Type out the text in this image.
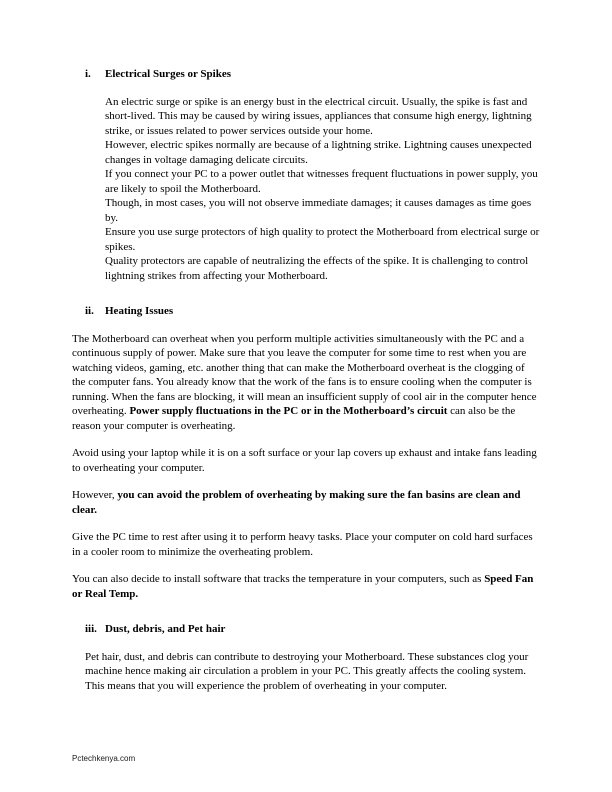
i.	Electrical Surges or Spikes

An electric surge or spike is an energy bust in the electrical circuit. Usually, the spike is fast and short-lived. This may be caused by wiring issues, appliances that consume high energy, lightning strike, or issues related to power services outside your home.

However, electric spikes normally are because of a lightning strike. Lightning causes unexpected changes in voltage damaging delicate circuits.

If you connect your PC to a power outlet that witnesses frequent fluctuations in power supply, you are likely to spoil the Motherboard.

Though, in most cases, you will not observe immediate damages; it causes damages as time goes by.

Ensure you use surge protectors of high quality to protect the Motherboard from electrical surge or spikes.

Quality protectors are capable of neutralizing the effects of the spike. It is challenging to control lightning strikes from affecting your Motherboard.

ii.	Heating Issues

The Motherboard can overheat when you perform multiple activities simultaneously with the PC and a continuous supply of power. Make sure that you leave the computer for some time to rest when you are watching videos, gaming, etc. another thing that can make the Motherboard overheat is the clogging of the computer fans. You already know that the work of the fans is to ensure cooling when the computer is running. When the fans are blocking, it will mean an insufficient supply of cool air in the computer hence overheating. Power supply fluctuations in the PC or in the Motherboard’s circuit can also be the reason your computer is overheating.

Avoid using your laptop while it is on a soft surface or your lap covers up exhaust and intake fans leading to overheating your computer.

However, you can avoid the problem of overheating by making sure the fan basins are clean and clear.

Give the PC time to rest after using it to perform heavy tasks. Place your computer on cold hard surfaces in a cooler room to minimize the overheating problem.

You can also decide to install software that tracks the temperature in your computers, such as Speed Fan or Real Temp.

iii. Dust, debris, and Pet hair

Pet hair, dust, and debris can contribute to destroying your Motherboard. These substances clog your machine hence making air circulation a problem in your PC. This greatly affects the cooling system. This means that you will experience the problem of overheating in your computer.

Pctechkenya.com
